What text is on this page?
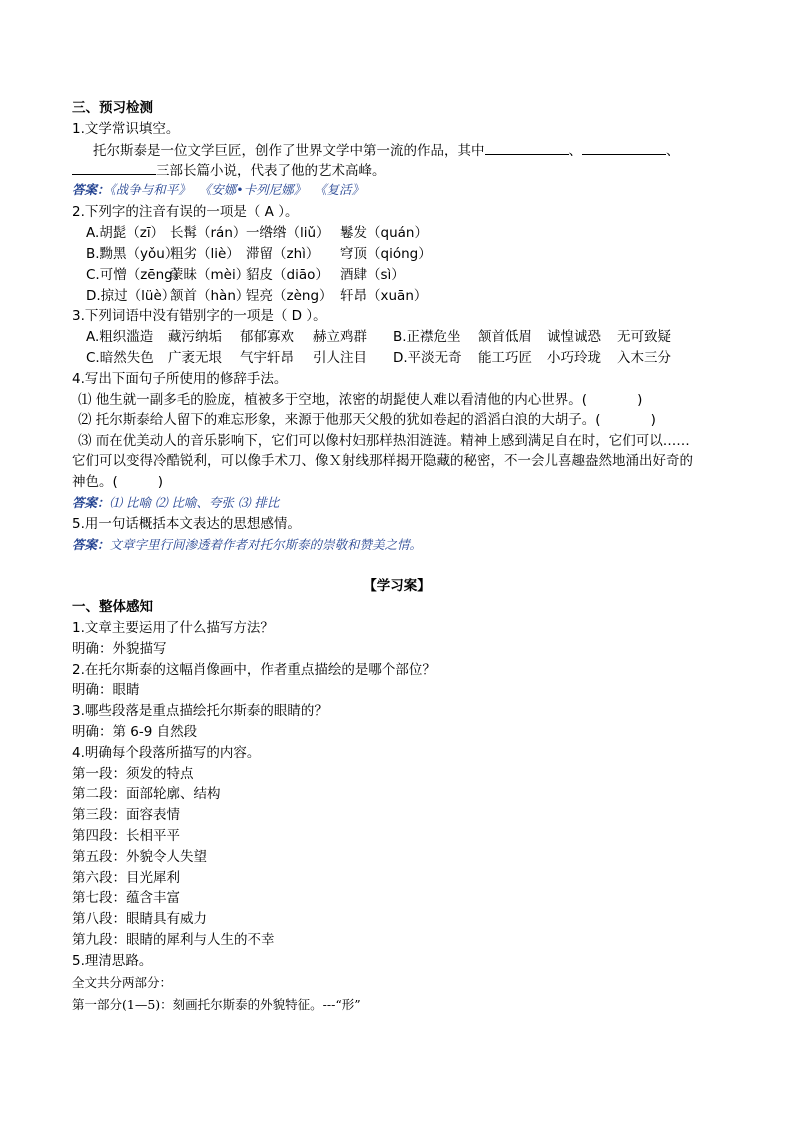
三、预习检测
1.文学常识填空。
托尔斯泰是一位文学巨匠，创作了世界文学中第一流的作品，其中	、	、
三部长篇小说，代表了他的艺术高峰。
答案：《战争与和平》  《安娜•卡列尼娜》  《复活》
2.下列字的注音有误的一项是（ A ）。
A.胡髭（zī） 长髯（rán） 一绺绺（liǔ） 鬈发（quán）
B.黝黑（yǒu）
粗劣（liè） 滞留（zhì） 穹顶（qióng）
C.可憎（zēng）
蒙昧（mèi）
貂皮（diāo） 酒肆（sì）
D.掠过（lüè）
颔首（hàn）
锃亮（zèng） 轩昂（xuān）
3.下列词语中没有错别字的一项是（ D ）。
A.粗织滥造 藏污纳垢 郁郁寡欢 赫立鸡群 B.正襟危坐 颔首低眉 诚惶诚恐 无可致疑
C.暗然失色 广袤无垠 气宇轩昂 引人注目 D.平淡无奇 能工巧匠 小巧玲珑 入木三分
4.写出下面句子所使用的修辞手法。
⑴ 他生就一副多毛的脸庞，植被多于空地，浓密的胡髭使人难以看清他的内心世界。(	)
⑵ 托尔斯泰给人留下的难忘形象，来源于他那天父般的犹如卷起的滔滔白浪的大胡子。(	)
⑶ 而在优美动人的音乐影响下，它们可以像村妇那样热泪涟涟。精神上感到满足自在时，它们可以……
它们可以变得冷酷锐利，可以像手术刀、像Ｘ射线那样揭开隐藏的秘密，不一会儿喜趣盎然地涌出好奇的
神色。(	)
答案：⑴ 比喻 ⑵ 比喻、夸张 ⑶ 排比
5.用一句话概括本文表达的思想感情。
答案：文章字里行间渗透着作者对托尔斯泰的崇敬和赞美之情。
【学习案】
一、整体感知
1.文章主要运用了什么描写方法？
明确：外貌描写
2.在托尔斯泰的这幅肖像画中，作者重点描绘的是哪个部位？
明确：眼睛
3.哪些段落是重点描绘托尔斯泰的眼睛的？
明确：第 6-9 自然段
4.明确每个段落所描写的内容。
第一段：须发的特点
第二段：面部轮廓、结构
第三段：面容表情
第四段：长相平平
第五段：外貌令人失望
第六段：目光犀利
第七段：蕴含丰富
第八段：眼睛具有威力
第九段：眼睛的犀利与人生的不幸
5.理清思路。
全文共分两部分：
第一部分(1—5)：刻画托尔斯泰的外貌特征。---“形”
